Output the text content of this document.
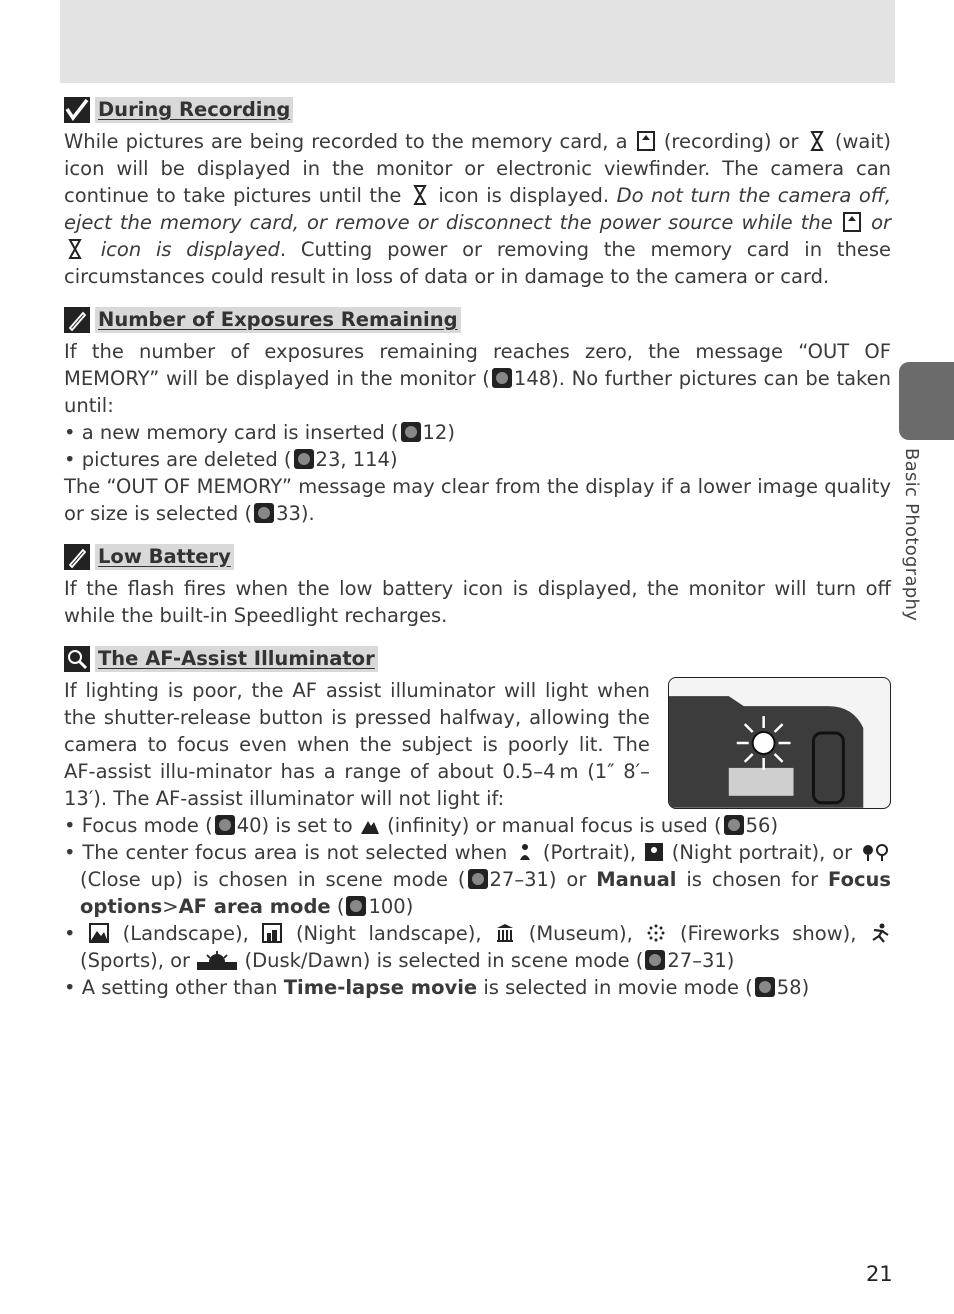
Basic Photography
During Recording
While pictures are being recorded to the memory card, a (recording) or (wait) icon will be displayed in the monitor or electronic viewfinder. The camera can continue to take pictures until the icon is displayed. Do not turn the camera off, eject the memory card, or remove or disconnect the power source while the or  icon is displayed. Cutting power or removing the memory card in these circumstances could result in loss of data or in damage to the camera or card.
Number of Exposures Remaining
If the number of exposures remaining reaches zero, the message “OUT OF MEMORY” will be displayed in the monitor ( 148). No further pictures can be taken until:
• a new memory card is inserted ( 12)
• pictures are deleted ( 23, 114)
The “OUT OF MEMORY” message may clear from the display if a lower image quality or size is selected ( 33).
Low Battery
If the flash fires when the low battery icon is displayed, the monitor will turn off while the built-in Speedlight recharges.
The AF-Assist Illuminator
If lighting is poor, the AF assist illuminator will light when the shutter-release button is pressed halfway, allowing the camera to focus even when the subject is poorly lit. The AF-assist illu-minator has a range of about 0.5–4 m (1″ 8′–13′). The AF-assist illuminator will not light if:
• Focus mode ( 40) is set to (infinity) or manual focus is used ( 56)
• The center focus area is not selected when (Portrait), (Night portrait), or  (Close up) is chosen in scene mode ( 27–31) or Manual is chosen for Focus options>AF area mode ( 100)
• (Landscape), (Night landscape), (Museum), (Fireworks show),  (Sports), or	(Dusk/Dawn) is selected in scene mode ( 27–31)
• A setting other than Time-lapse movie is selected in movie mode ( 58)
21
